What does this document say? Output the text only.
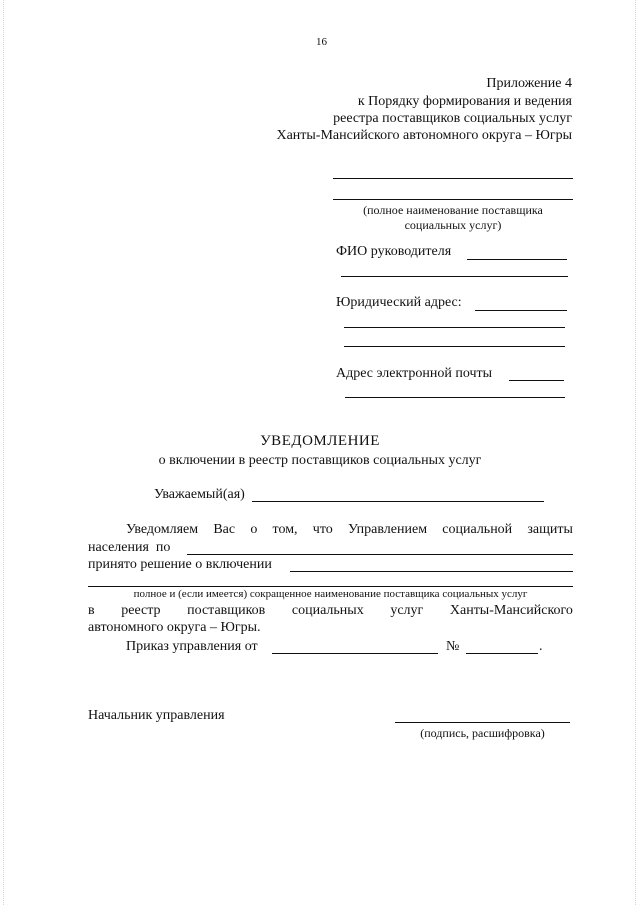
16
Приложение 4
к Порядку формирования и ведения
реестра поставщиков социальных услуг
Ханты-Мансийского автономного округа – Югры
(полное наименование поставщика
социальных услуг)
ФИО руководителя
Юридический адрес:
Адрес электронной почты
УВЕДОМЛЕНИЕ
о включении в реестр поставщиков социальных услуг
Уважаемый(ая)
Уведомляем Вас о том, что Управлением социальной защиты
населения  по
принято решение о включении
полное и (если имеется) сокращенное наименование поставщика социальных услуг
в реестр поставщиков социальных услуг Ханты-Мансийского
автономного округа – Югры.
Приказ управления от	№	.
Начальник управления
(подпись, расшифровка)
